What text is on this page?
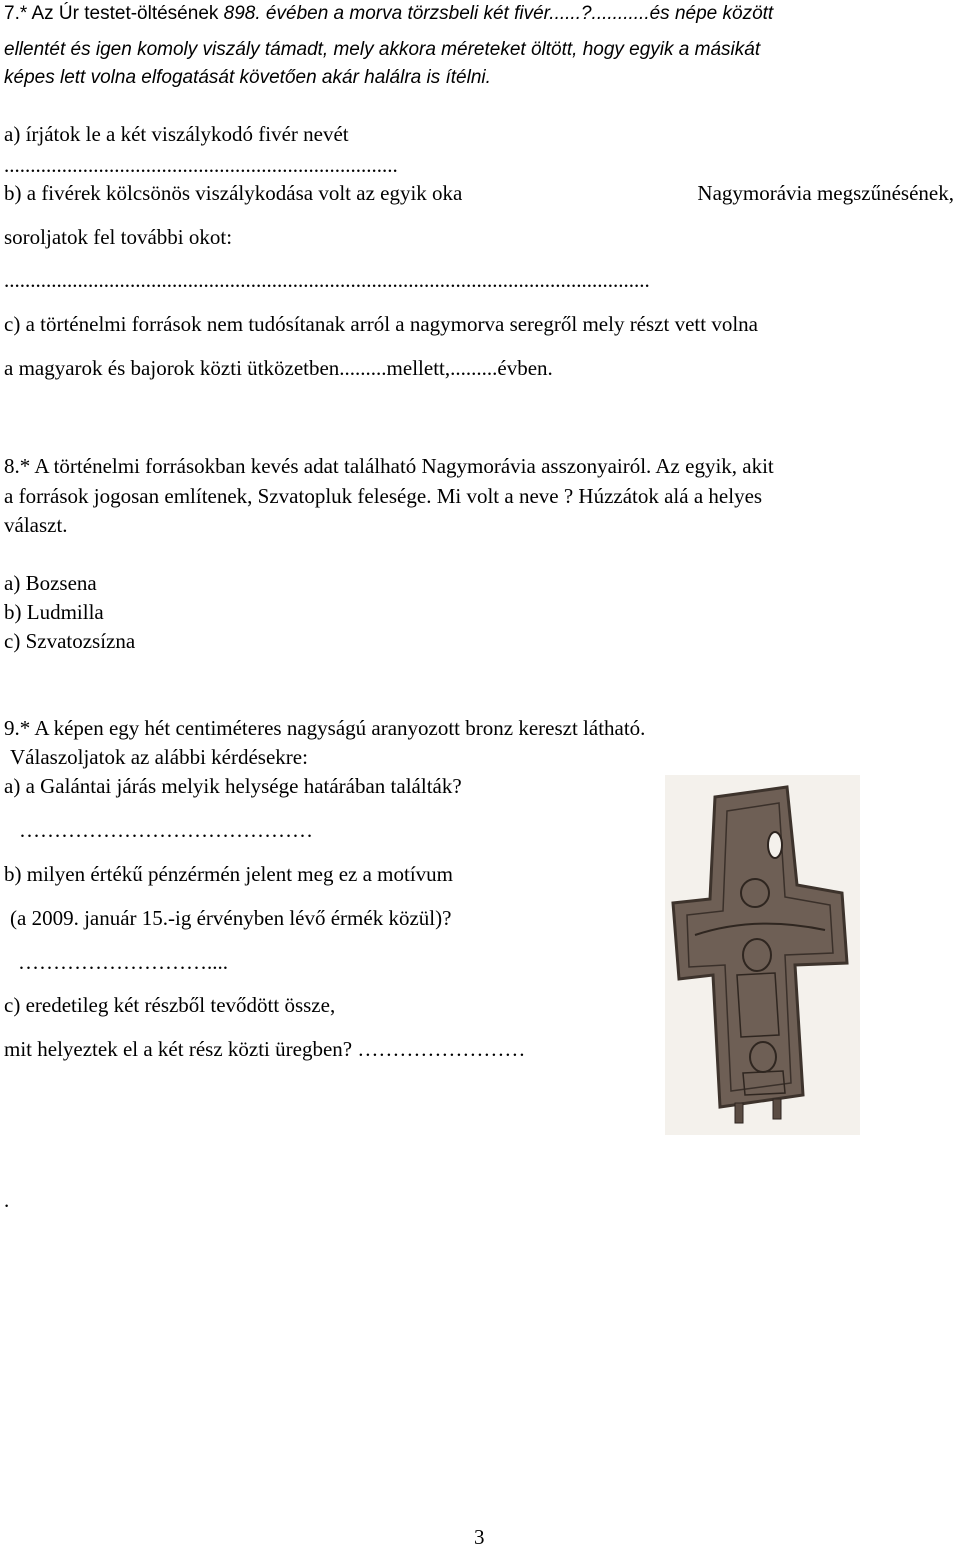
7.* Az Úr testet-öltésének 898. évében a morva törzsbeli két fivér......?...........és népe között
ellentét és igen komoly viszály támadt, mely akkora méreteket öltött, hogy egyik a másikát
képes lett volna elfogatását követően akár halálra is ítélni.
a) írjátok le a két viszálykodó fivér nevét
...........................................................................
b) a fivérek kölcsönös viszálykodása volt az egyik oka	Nagymorávia megszűnésének,
soroljatok fel további okot:
...........................................................................................................................
c) a történelmi források nem tudósítanak arról a nagymorva seregről mely részt vett volna
a magyarok és bajorok közti ütközetben.........mellett,.........évben.
8.* A történelmi forrásokban kevés adat található Nagymorávia asszonyairól. Az egyik, akit
a források jogosan említenek, Szvatopluk felesége. Mi volt a neve ? Húzzátok alá a helyes
választ.
a) Bozsena
b) Ludmilla
c) Szvatozsízna
9.* A képen egy hét centiméteres nagyságú aranyozott bronz kereszt látható.
Válaszoljatok az alábbi kérdésekre:
a) a Galántai járás melyik helysége határában találták?
……………………………………
b) milyen értékű pénzérmén jelent meg ez a motívum
(a 2009. január 15.-ig érvényben lévő érmék közül)?
………………………....
c) eredetileg két részből tevődött össze,
mit helyeztek el a két rész közti üregben? ……………………
.
3
